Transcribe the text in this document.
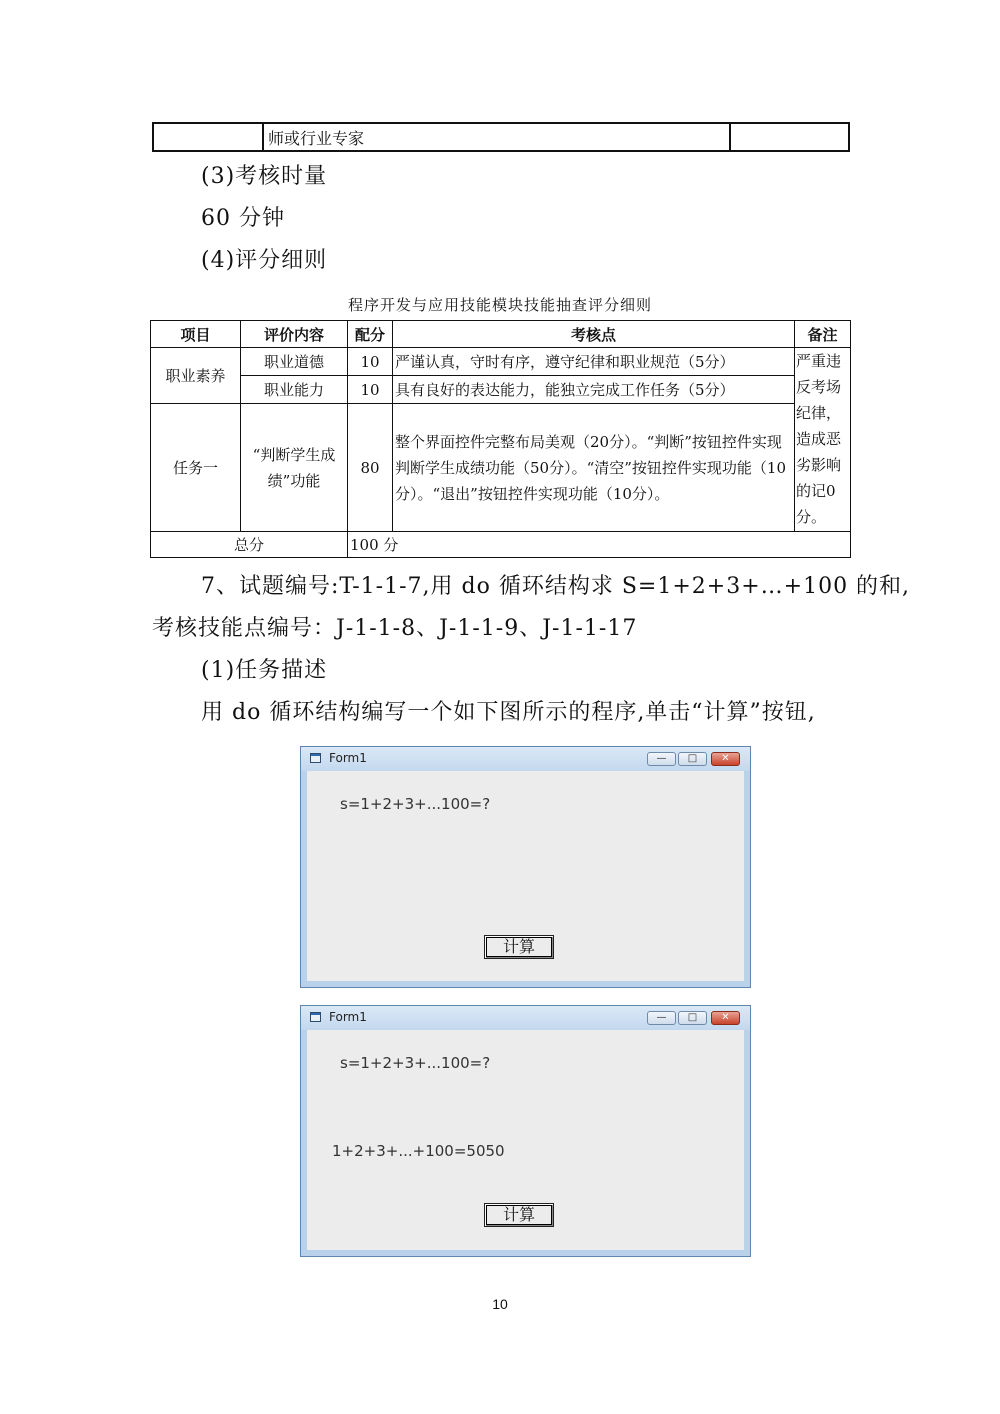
	师或行业专家	
(3)考核时量
60 分钟
(4)评分细则
程序开发与应用技能模块技能抽查评分细则
项目	评价内容	配分	考核点	备注
职业素养	职业道德	10	严谨认真，守时有序，遵守纪律和职业规范（5分）	严重违反考场纪律，造成恶劣影响的记0分。
	职业能力	10	具有良好的表达能力，能独立完成工作任务（5分）	
任务一	“判断学生成绩”功能	80	整个界面控件完整布局美观（20分）。“判断”按钮控件实现判断学生成绩功能（50分）。“清空”按钮控件实现功能（10分）。“退出”按钮控件实现功能（10分）。	
总分		100 分		
7、试题编号:T-1-1-7,用 do 循环结构求 S=1+2+3+…+100 的和,
考核技能点编号：J-1-1-8、J-1-1-9、J-1-1-17
(1)任务描述
用 do 循环结构编写一个如下图所示的程序,单击“计算”按钮,
Form1	—	□	✕
s=1+2+3+...100=?
计算
Form1	—	□	✕
s=1+2+3+...100=?
1+2+3+...+100=5050
计算
10
